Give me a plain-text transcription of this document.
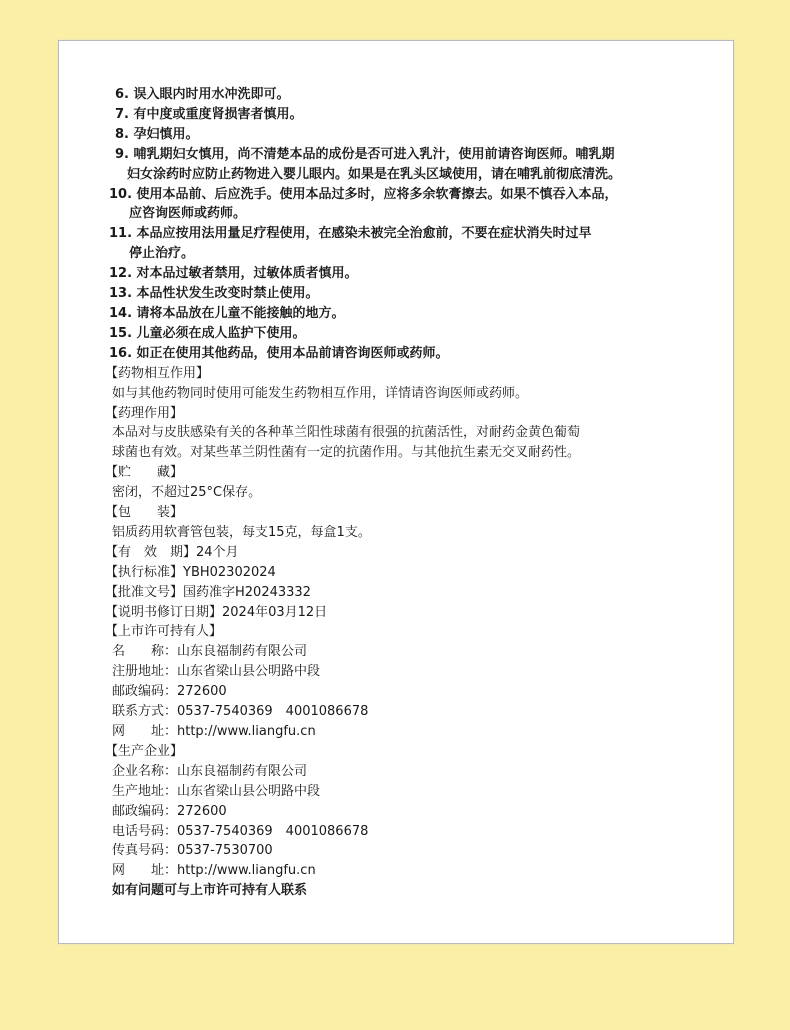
6. 误入眼内时用水冲洗即可。
7. 有中度或重度肾损害者慎用。
8. 孕妇慎用。
9. 哺乳期妇女慎用，尚不清楚本品的成份是否可进入乳汁，使用前请咨询医师。哺乳期
妇女涂药时应防止药物进入婴儿眼内。如果是在乳头区域使用，请在哺乳前彻底清洗。
10. 使用本品前、后应洗手。使用本品过多时，应将多余软膏擦去。如果不慎吞入本品，
应咨询医师或药师。
11. 本品应按用法用量足疗程使用，在感染未被完全治愈前，不要在症状消失时过早
停止治疗。
12. 对本品过敏者禁用，过敏体质者慎用。
13. 本品性状发生改变时禁止使用。
14. 请将本品放在儿童不能接触的地方。
15. 儿童必须在成人监护下使用。
16. 如正在使用其他药品，使用本品前请咨询医师或药师。
【药物相互作用】
如与其他药物同时使用可能发生药物相互作用，详情请咨询医师或药师。
【药理作用】
本品对与皮肤感染有关的各种革兰阳性球菌有很强的抗菌活性，对耐药金黄色葡萄
球菌也有效。对某些革兰阴性菌有一定的抗菌作用。与其他抗生素无交叉耐药性。
【贮　　藏】
密闭，不超过25°C保存。
【包　　装】
铝质药用软膏管包装，每支15克，每盒1支。
【有　效　期】24个月
【执行标准】YBH02302024
【批准文号】国药准字H20243332
【说明书修订日期】2024年03月12日
【上市许可持有人】
名　　称：山东良福制药有限公司
注册地址：山东省梁山县公明路中段
邮政编码：272600
联系方式：0537-7540369　4001086678
网　　址：http://www.liangfu.cn
【生产企业】
企业名称：山东良福制药有限公司
生产地址：山东省梁山县公明路中段
邮政编码：272600
电话号码：0537-7540369　4001086678
传真号码：0537-7530700
网　　址：http://www.liangfu.cn
如有问题可与上市许可持有人联系
